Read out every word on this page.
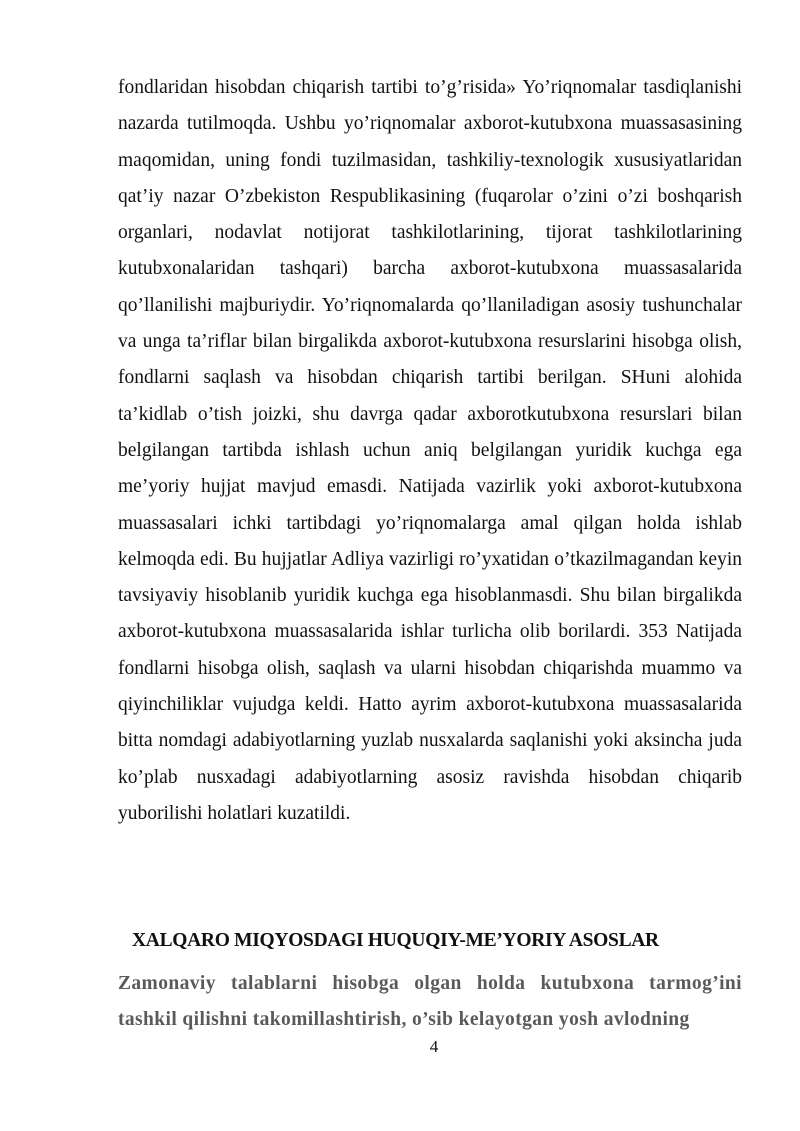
fondlaridan hisobdan chiqarish tartibi to’g’risida» Yo’riqnomalar tasdiqlanishi nazarda tutilmoqda. Ushbu yo’riqnomalar axborot-kutubxona muassasasining maqomidan, uning fondi tuzilmasidan, tashkiliy-texnologik xususiyatlaridan qat’iy nazar O’zbekiston Respublikasining (fuqarolar o’zini o’zi boshqarish organlari, nodavlat notijorat tashkilotlarining, tijorat tashkilotlarining kutubxonalaridan tashqari) barcha axborot-kutubxona muassasalarida qo’llanilishi majburiydir. Yo’riqnomalarda qo’llaniladigan asosiy tushunchalar va unga ta’riflar bilan birgalikda axborot-kutubxona resurslarini hisobga olish, fondlarni saqlash va hisobdan chiqarish tartibi berilgan. SHuni alohida ta’kidlab o’tish joizki, shu davrga qadar axborotkutubxona resurslari bilan belgilangan tartibda ishlash uchun aniq belgilangan yuridik kuchga ega me’yoriy hujjat mavjud emasdi. Natijada vazirlik yoki axborot-kutubxona muassasalari ichki tartibdagi yo’riqnomalarga amal qilgan holda ishlab kelmoqda edi. Bu hujjatlar Adliya vazirligi ro’yxatidan o’tkazilmagandan keyin tavsiyaviy hisoblanib yuridik kuchga ega hisoblanmasdi. Shu bilan birgalikda axborot-kutubxona muassasalarida ishlar turlicha olib borilardi. 353 Natijada fondlarni hisobga olish, saqlash va ularni hisobdan chiqarishda muammo va qiyinchiliklar vujudga keldi. Hatto ayrim axborot-kutubxona muassasalarida bitta nomdagi adabiyotlarning yuzlab nusxalarda saqlanishi yoki aksincha juda ko’plab nusxadagi adabiyotlarning asosiz ravishda hisobdan chiqarib yuborilishi holatlari kuzatildi.

XALQARO MIQYOSDAGI HUQUQIY-ME’YORIY ASOSLAR

Zamonaviy talablarni hisobga olgan holda kutubxona tarmog’ini tashkil qilishni takomillashtirish, o’sib kelayotgan yosh avlodning

4
